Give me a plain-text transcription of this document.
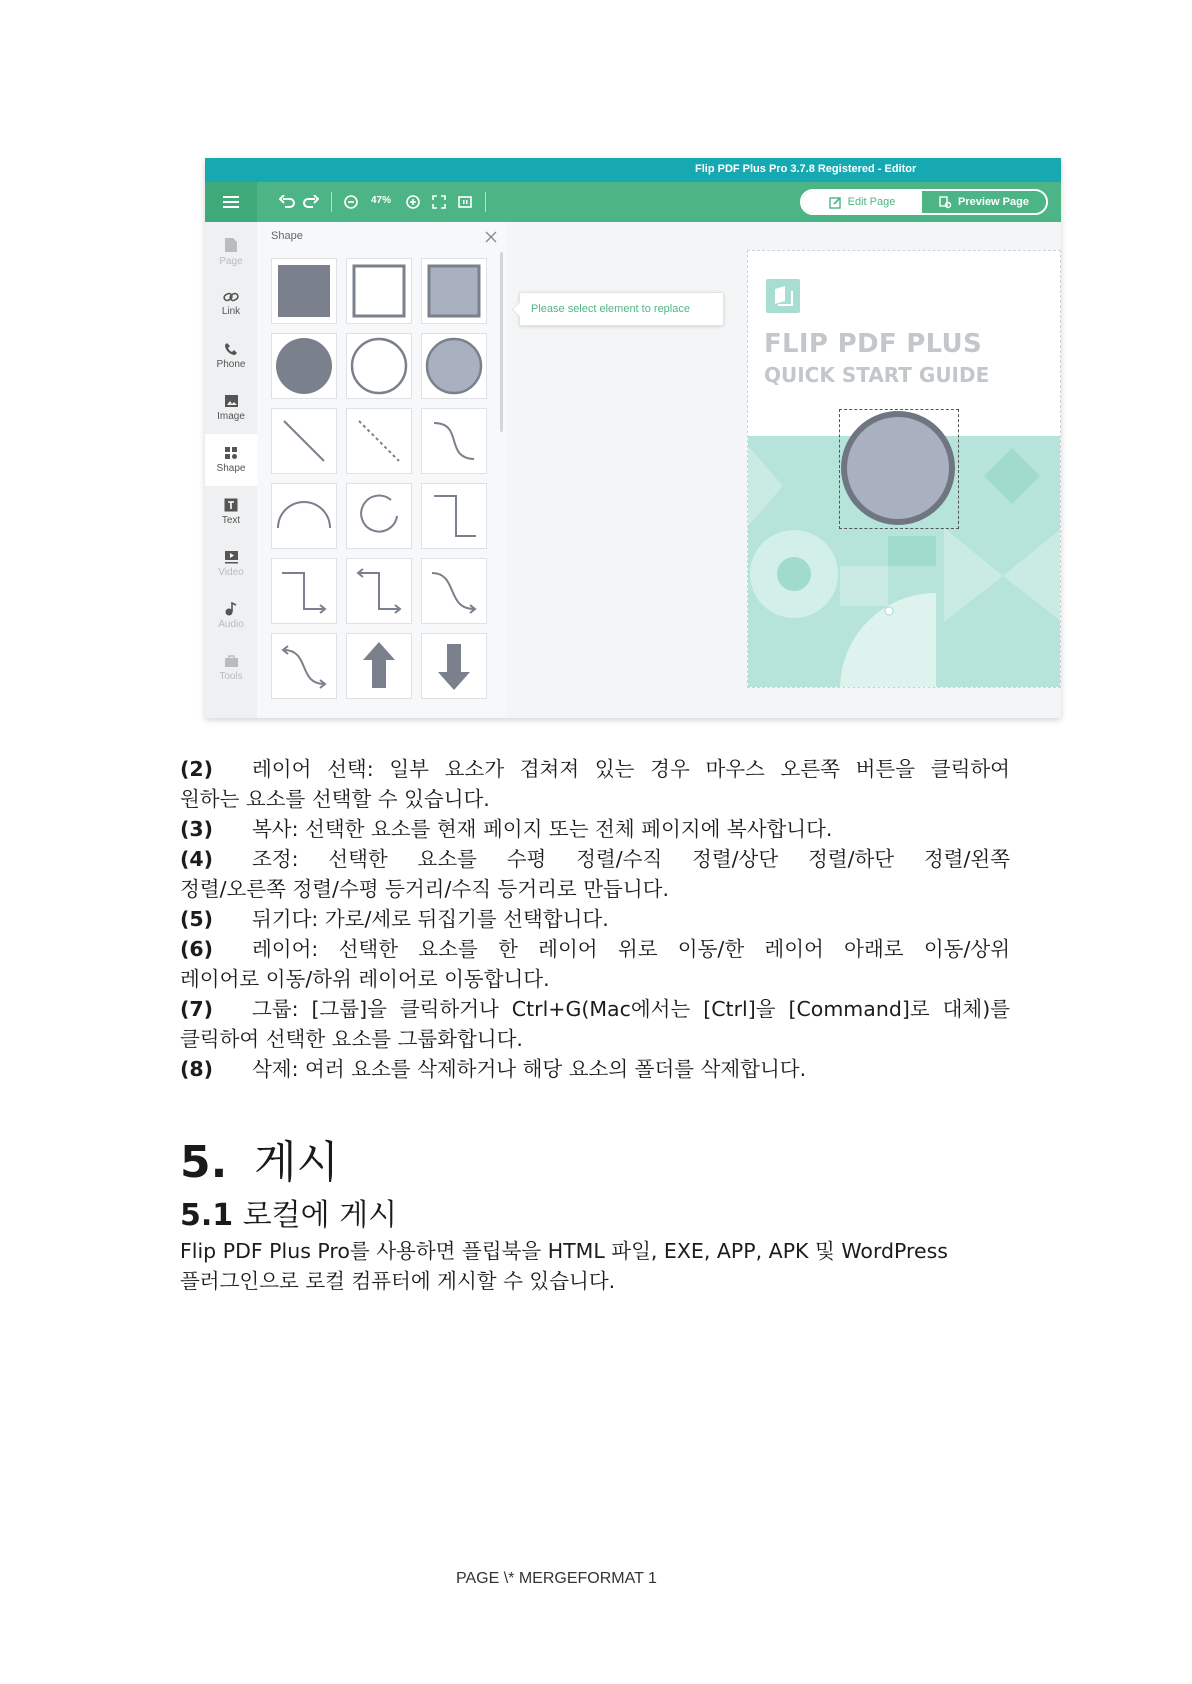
Flip PDF Plus Pro 3.7.8 Registered - Editor
47%	Edit Page	Preview Page
Page
Link
Phone
Image
Shape
Text
Video
Audio
Tools
Shape
Please select element to replace
FLIP PDF PLUS
QUICK START GUIDE
(2) 레이어 선택: 일부 요소가 겹쳐져 있는 경우 마우스 오른쪽 버튼을 클릭하여
원하는 요소를 선택할 수 있습니다.
(3) 복사: 선택한 요소를 현재 페이지 또는 전체 페이지에 복사합니다.
(4) 조정: 선택한 요소를 수평 정렬/수직 정렬/상단 정렬/하단 정렬/왼쪽
정렬/오른쪽 정렬/수평 등거리/수직 등거리로 만듭니다.
(5) 뒤기다: 가로/세로 뒤집기를 선택합니다.
(6) 레이어: 선택한 요소를 한 레이어 위로 이동/한 레이어 아래로 이동/상위
레이어로 이동/하위 레이어로 이동합니다.
(7) 그룹: [그룹]을 클릭하거나 Ctrl+G(Mac에서는 [Ctrl]을 [Command]로 대체)를
클릭하여 선택한 요소를 그룹화합니다.
(8) 삭제: 여러 요소를 삭제하거나 해당 요소의 폴더를 삭제합니다.
5. 게시
5.1 로컬에 게시
Flip PDF Plus Pro를 사용하면 플립북을 HTML 파일, EXE, APP, APK 및 WordPress
플러그인으로 로컬 컴퓨터에 게시할 수 있습니다.
PAGE \* MERGEFORMAT 1
